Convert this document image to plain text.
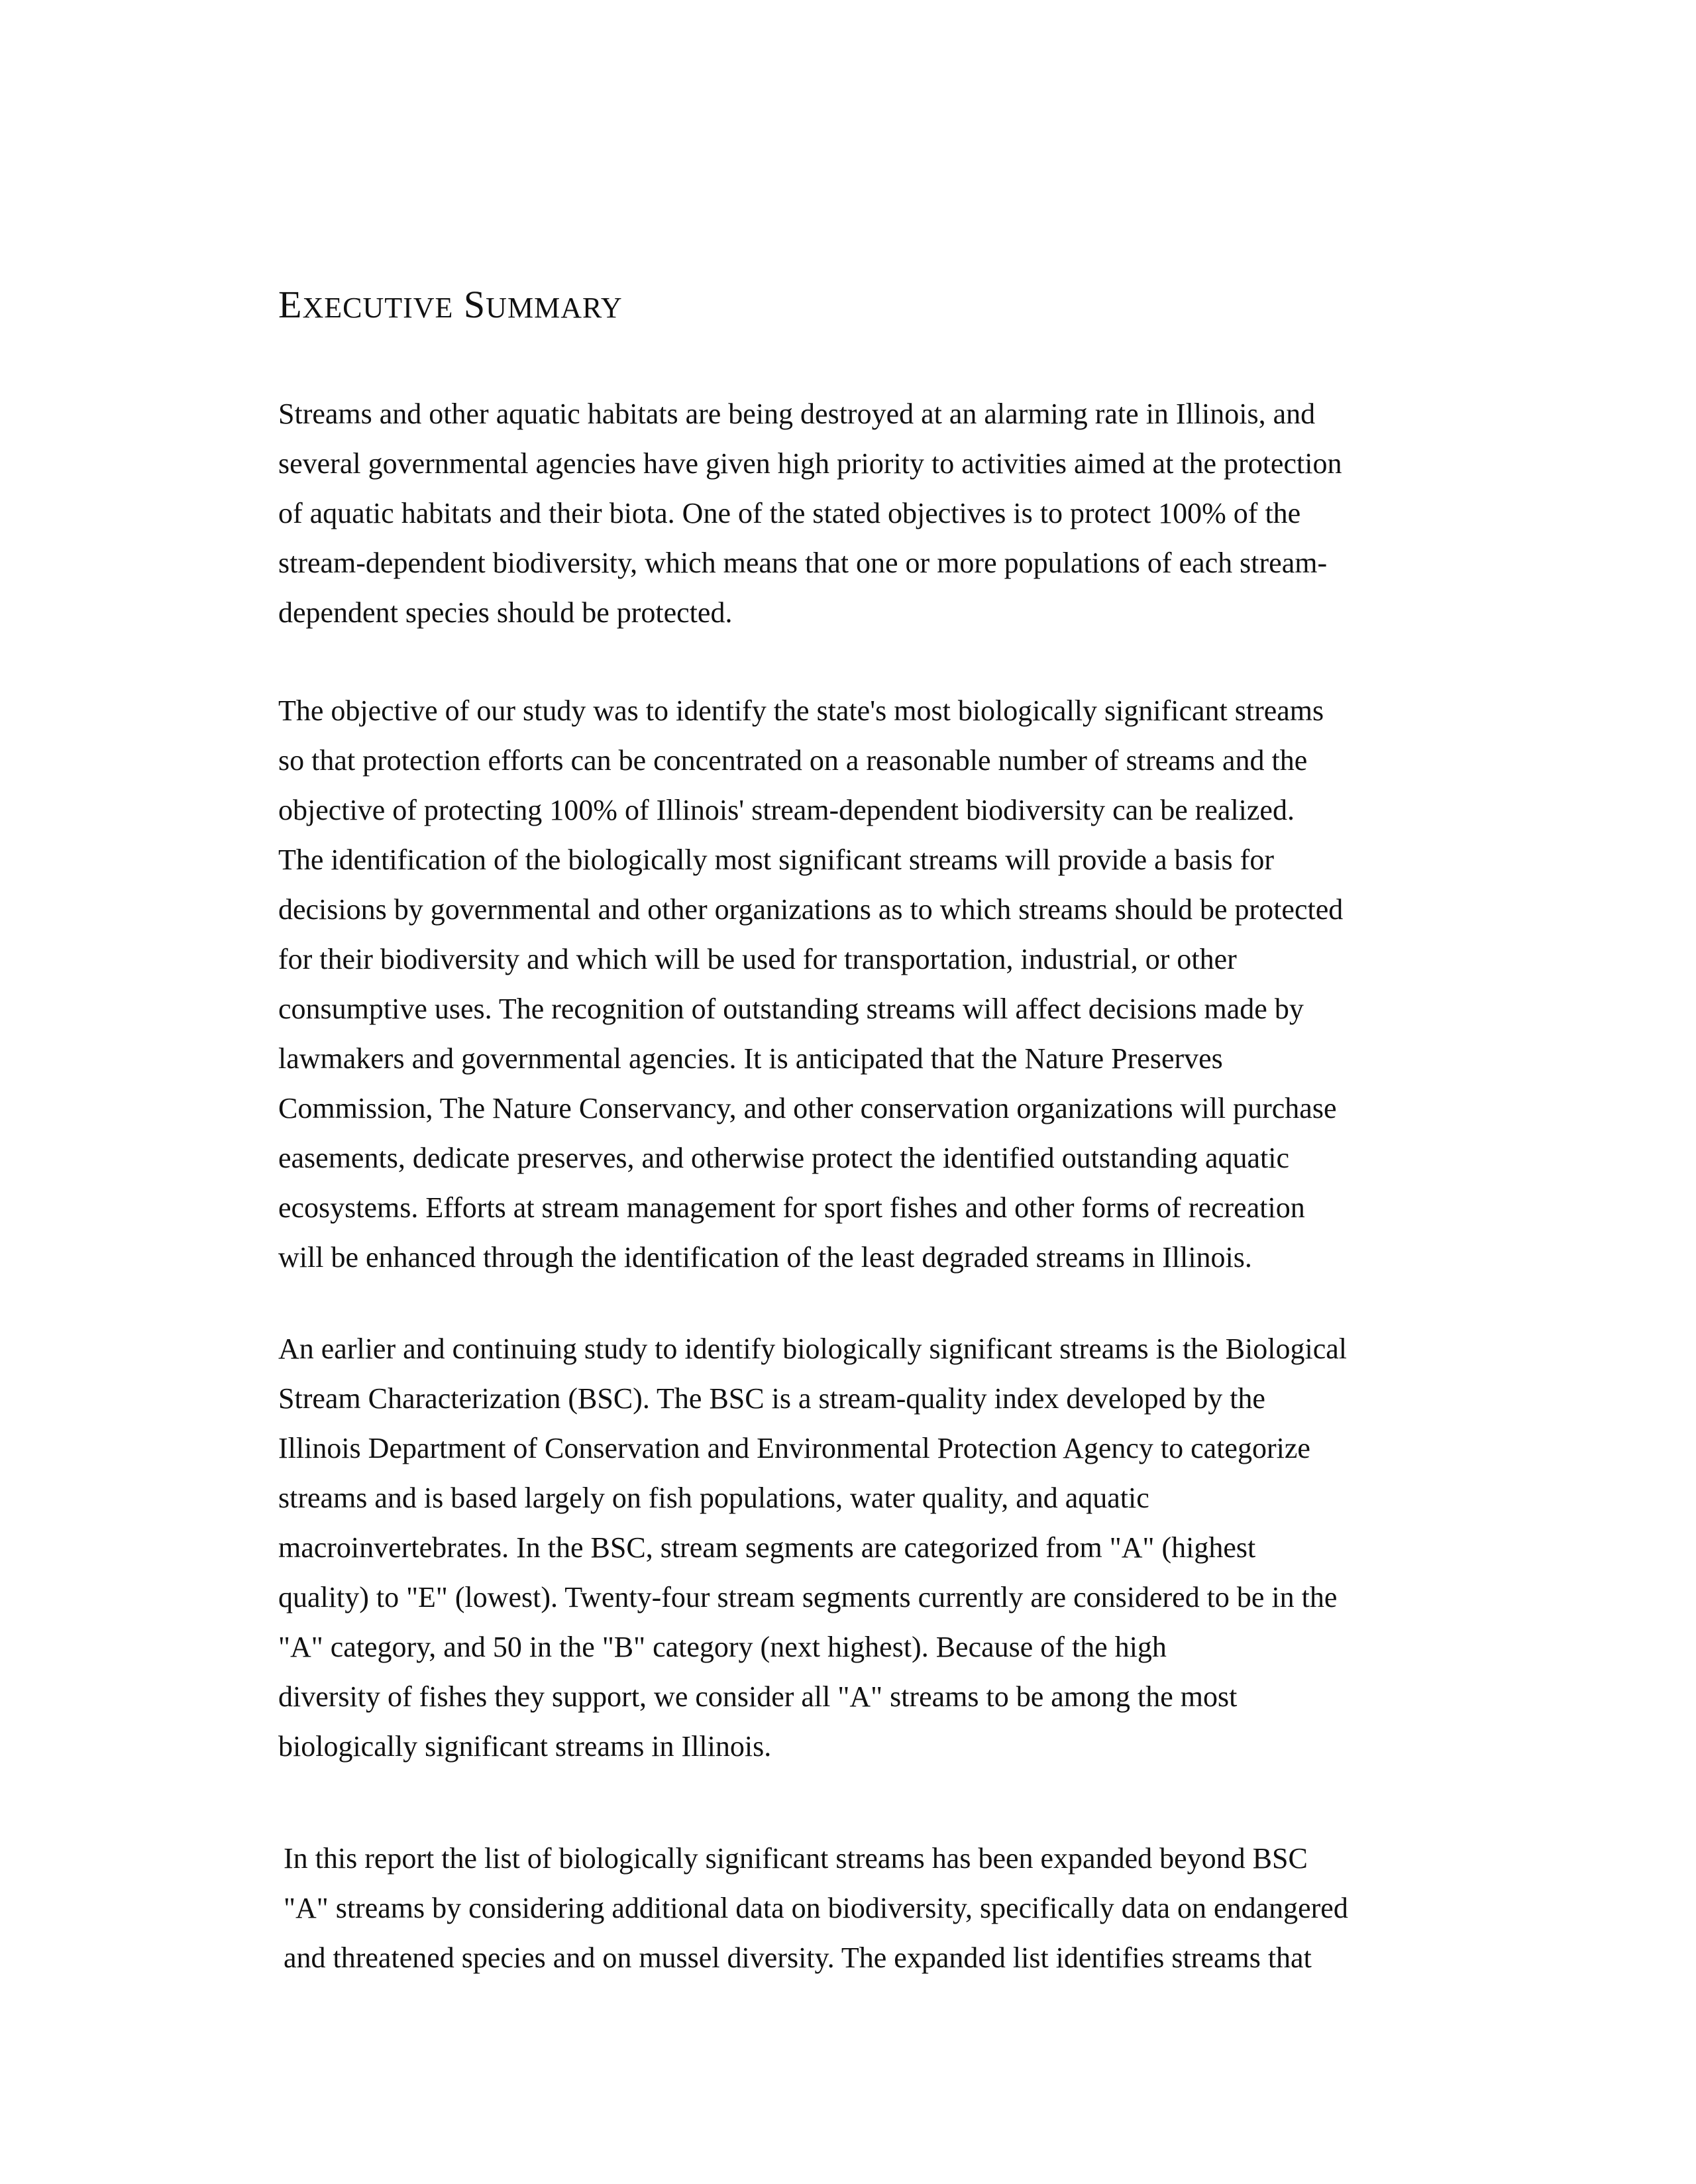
EXECUTIVE SUMMARY
Streams and other aquatic habitats are being destroyed at an alarming rate in Illinois, and
several governmental agencies have given high priority to activities aimed at the protection
of aquatic habitats and their biota. One of the stated objectives is to protect 100% of the
stream-dependent biodiversity, which means that one or more populations of each stream-
dependent species should be protected.
The objective of our study was to identify the state's most biologically significant streams
so that protection efforts can be concentrated on a reasonable number of streams and the
objective of protecting 100% of Illinois' stream-dependent biodiversity can be realized.
The identification of the biologically most significant streams will provide a basis for
decisions by governmental and other organizations as to which streams should be protected
for their biodiversity and which will be used for transportation, industrial, or other
consumptive uses. The recognition of outstanding streams will affect decisions made by
lawmakers and governmental agencies. It is anticipated that the Nature Preserves
Commission, The Nature Conservancy, and other conservation organizations will purchase
easements, dedicate preserves, and otherwise protect the identified outstanding aquatic
ecosystems. Efforts at stream management for sport fishes and other forms of recreation
will be enhanced through the identification of the least degraded streams in Illinois.
An earlier and continuing study to identify biologically significant streams is the Biological
Stream Characterization (BSC). The BSC is a stream-quality index developed by the
Illinois Department of Conservation and Environmental Protection Agency to categorize
streams and is based largely on fish populations, water quality, and aquatic
macroinvertebrates. In the BSC, stream segments are categorized from "A" (highest
quality) to "E" (lowest). Twenty-four stream segments currently are considered to be in the
"A" category, and 50 in the "B" category (next highest). Because of the high
diversity of fishes they support, we consider all "A" streams to be among the most
biologically significant streams in Illinois.
In this report the list of biologically significant streams has been expanded beyond BSC
"A" streams by considering additional data on biodiversity, specifically data on endangered
and threatened species and on mussel diversity. The expanded list identifies streams that
